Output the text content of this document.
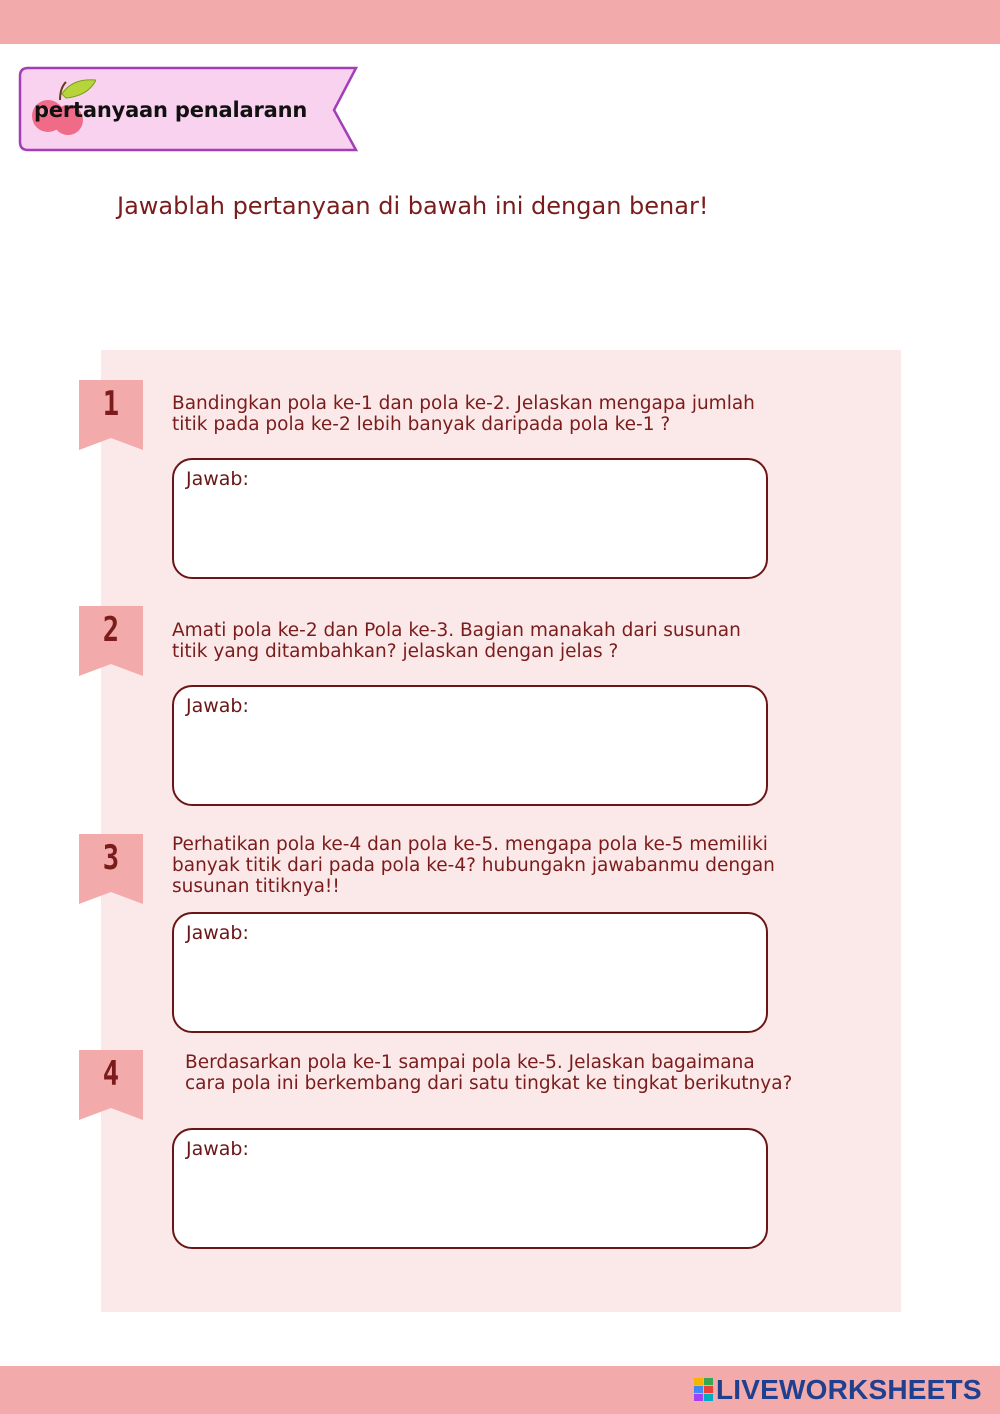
pertanyaan penalarann
Jawablah pertanyaan di bawah ini dengan benar!
1	Bandingkan pola ke-1 dan pola ke-2. Jelaskan mengapa jumlah titik pada pola ke-2 lebih banyak daripada pola ke-1 ?
Jawab:
2	Amati pola ke-2 dan Pola ke-3. Bagian manakah dari susunan titik yang ditambahkan? jelaskan dengan jelas ?
Jawab:
3	Perhatikan pola ke-4 dan pola ke-5. mengapa pola ke-5 memiliki banyak titik dari pada pola ke-4? hubungakn jawabanmu dengan susunan titiknya!!
Jawab:
4	Berdasarkan pola ke-1 sampai pola ke-5. Jelaskan bagaimana cara pola ini berkembang dari satu tingkat ke tingkat berikutnya?
Jawab:
LIVEWORKSHEETS
